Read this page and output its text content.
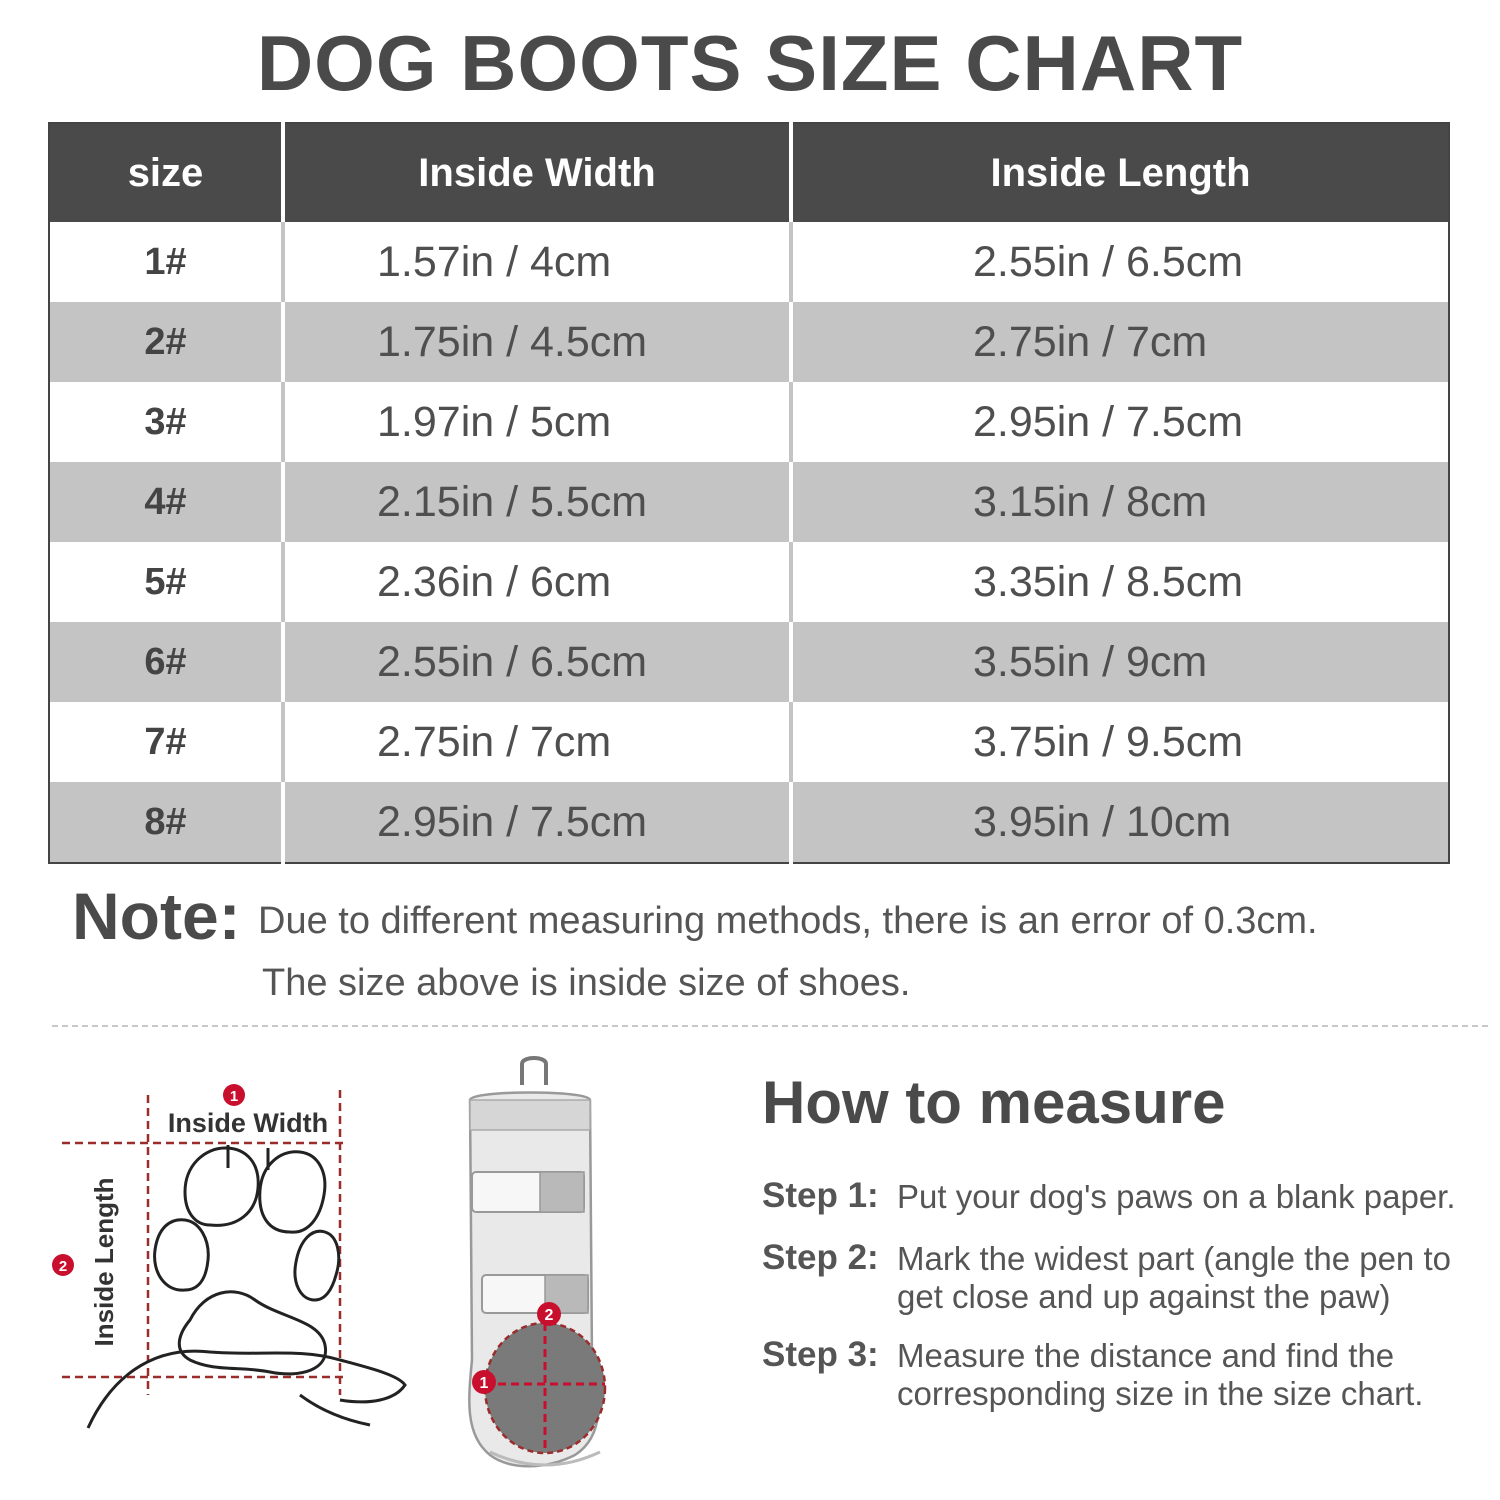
DOG BOOTS SIZE CHART
size	Inside Width	Inside Length
1#	1.57in / 4cm	2.55in / 6.5cm
2#	1.75in / 4.5cm	2.75in / 7cm
3#	1.97in / 5cm	2.95in / 7.5cm
4#	2.15in / 5.5cm	3.15in / 8cm
5#	2.36in / 6cm	3.35in / 8.5cm
6#	2.55in / 6.5cm	3.55in / 9cm
7#	2.75in / 7cm	3.75in / 9.5cm
8#	2.95in / 7.5cm	3.95in / 10cm
Note: Due to different measuring methods, there is an error of 0.3cm.
The size above is inside size of shoes.
1
2
Inside Width
Inside Length	2
1
How to measure
Step 1: Put your dog's paws on a blank paper.
Step 2: Mark the widest part (angle the pen to
get close and up against the paw)
Step 3: Measure the distance and find the
corresponding size in the size chart.
